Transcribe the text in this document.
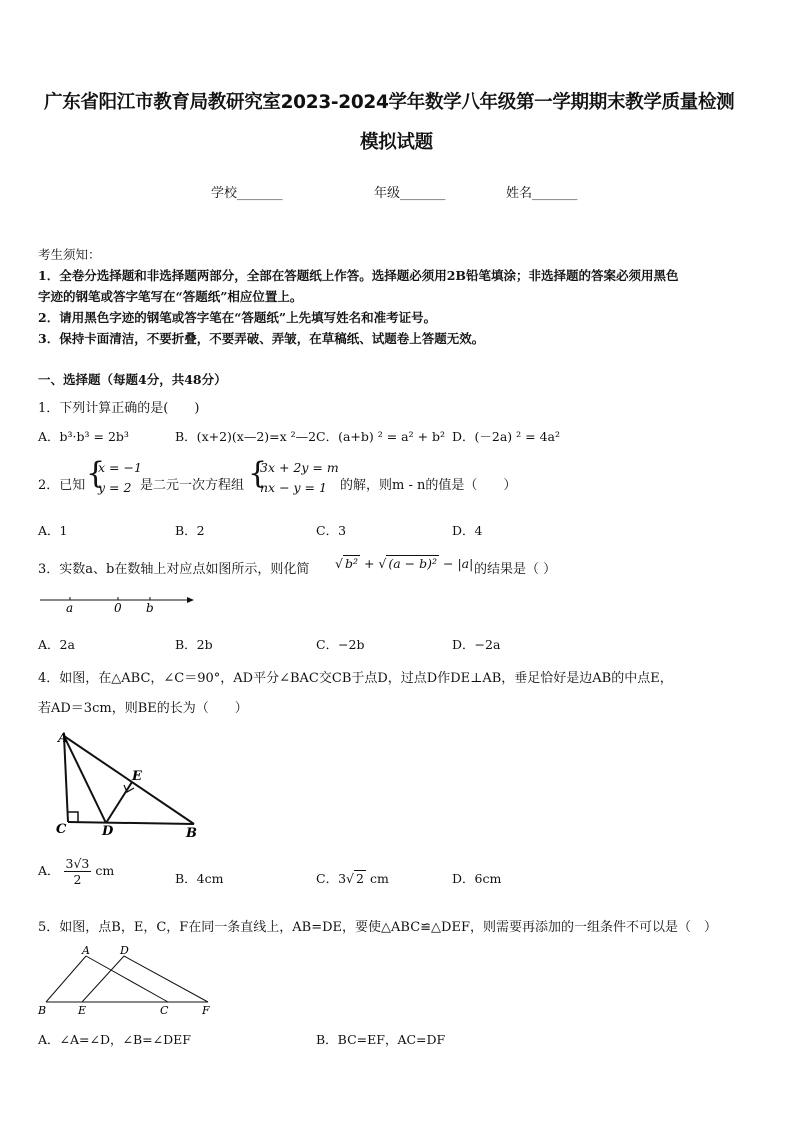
广东省阳江市教育局教研究室2023-2024学年数学八年级第一学期期末教学质量检测
模拟试题
学校_______	年级_______	姓名_______
考生须知：
1．全卷分选择题和非选择题两部分，全部在答题纸上作答。选择题必须用2B铅笔填涂；非选择题的答案必须用黑色
字迹的钢笔或答字笔写在“答题纸”相应位置上。
2．请用黑色字迹的钢笔或答字笔在“答题纸”上先填写姓名和准考证号。
3．保持卡面清洁，不要折叠，不要弄破、弄皱，在草稿纸、试题卷上答题无效。
一、选择题（每题4分，共48分）
1．下列计算正确的是(　　)
A．b³·b³ = 2b³	B．(x+2)(x—2)=x ²—2 C．(a+b) ² = a² + b² D．(－2a) ² = 4a²
2．已知 {
x = −1
y = 2 是二元一次方程组 {
3x + 2y = m
nx − y = 1	的解，则m - n的值是（　　）
A．1	B．2	C．3	D．4
3．实数a、b在数轴上对应点如图所示，则化简 √ b² + √ (a − b)² − |a| 的结果是（ ）
a	0 b
A．2a	B．2b	C．−2b	D．−2a
4．如图，在△ABC，∠C＝90°，AD平分∠BAC交CB于点D，过点D作DE⊥AB，垂足恰好是边AB的中点E，
若AD＝3cm，则BE的长为（　　）
A
C	D
E
B
A． $\frac{3√3}{2}$ cm
B．4cm	C．3√ 2 cm	D．6cm
5．如图，点B，E，C，F在同一条直线上，AB=DE，要使△ABC≌△DEF，则需要再添加的一组条件不可以是（　）
A	D
B	E	C	F
A．∠A=∠D，∠B=∠DEF	B．BC=EF，AC=DF
